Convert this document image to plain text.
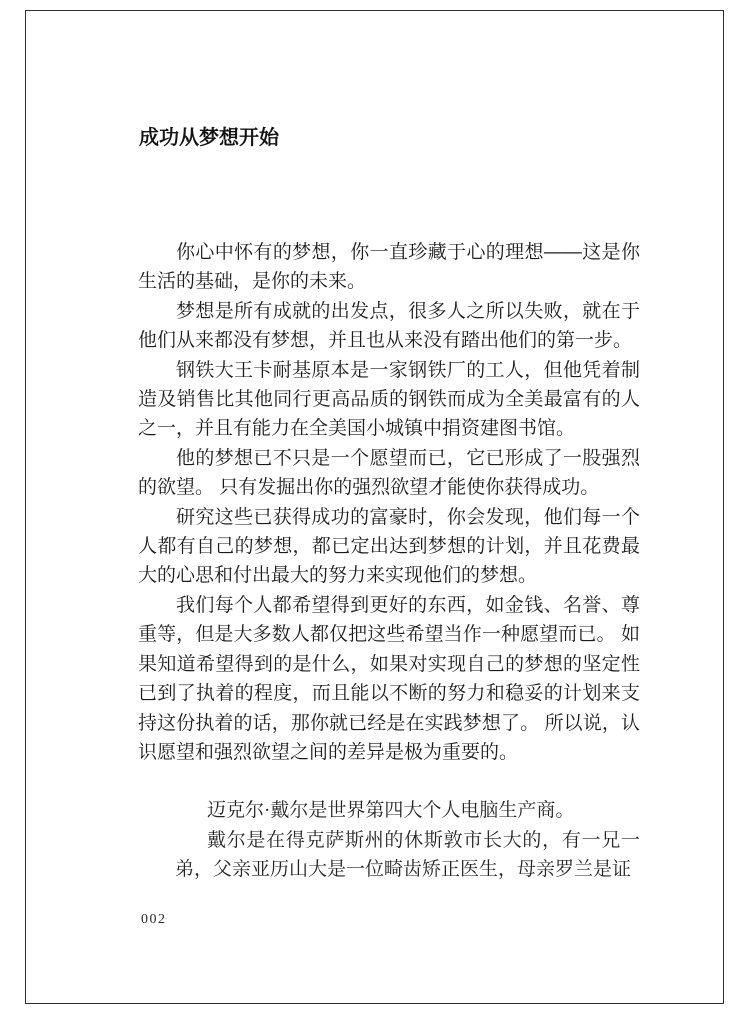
成功从梦想开始

你心中怀有的梦想，你一直珍藏于心的理想——这是你生活的基础，是你的未来。

梦想是所有成就的出发点，很多人之所以失败，就在于他们从来都没有梦想，并且也从来没有踏出他们的第一步。

钢铁大王卡耐基原本是一家钢铁厂的工人，但他凭着制造及销售比其他同行更高品质的钢铁而成为全美最富有的人之一，并且有能力在全美国小城镇中捐资建图书馆。

他的梦想已不只是一个愿望而已，它已形成了一股强烈的欲望。 只有发掘出你的强烈欲望才能使你获得成功。

研究这些已获得成功的富豪时，你会发现，他们每一个人都有自己的梦想，都已定出达到梦想的计划，并且花费最大的心思和付出最大的努力来实现他们的梦想。

我们每个人都希望得到更好的东西，如金钱、名誉、尊重等，但是大多数人都仅把这些希望当作一种愿望而已。 如果知道希望得到的是什么，如果对实现自己的梦想的坚定性已到了执着的程度，而且能以不断的努力和稳妥的计划来支持这份执着的话，那你就已经是在实践梦想了。 所以说，认识愿望和强烈欲望之间的差异是极为重要的。

迈克尔·戴尔是世界第四大个人电脑生产商。

戴尔是在得克萨斯州的休斯敦市长大的，有一兄一弟，父亲亚历山大是一位畸齿矫正医生，母亲罗兰是证

002
